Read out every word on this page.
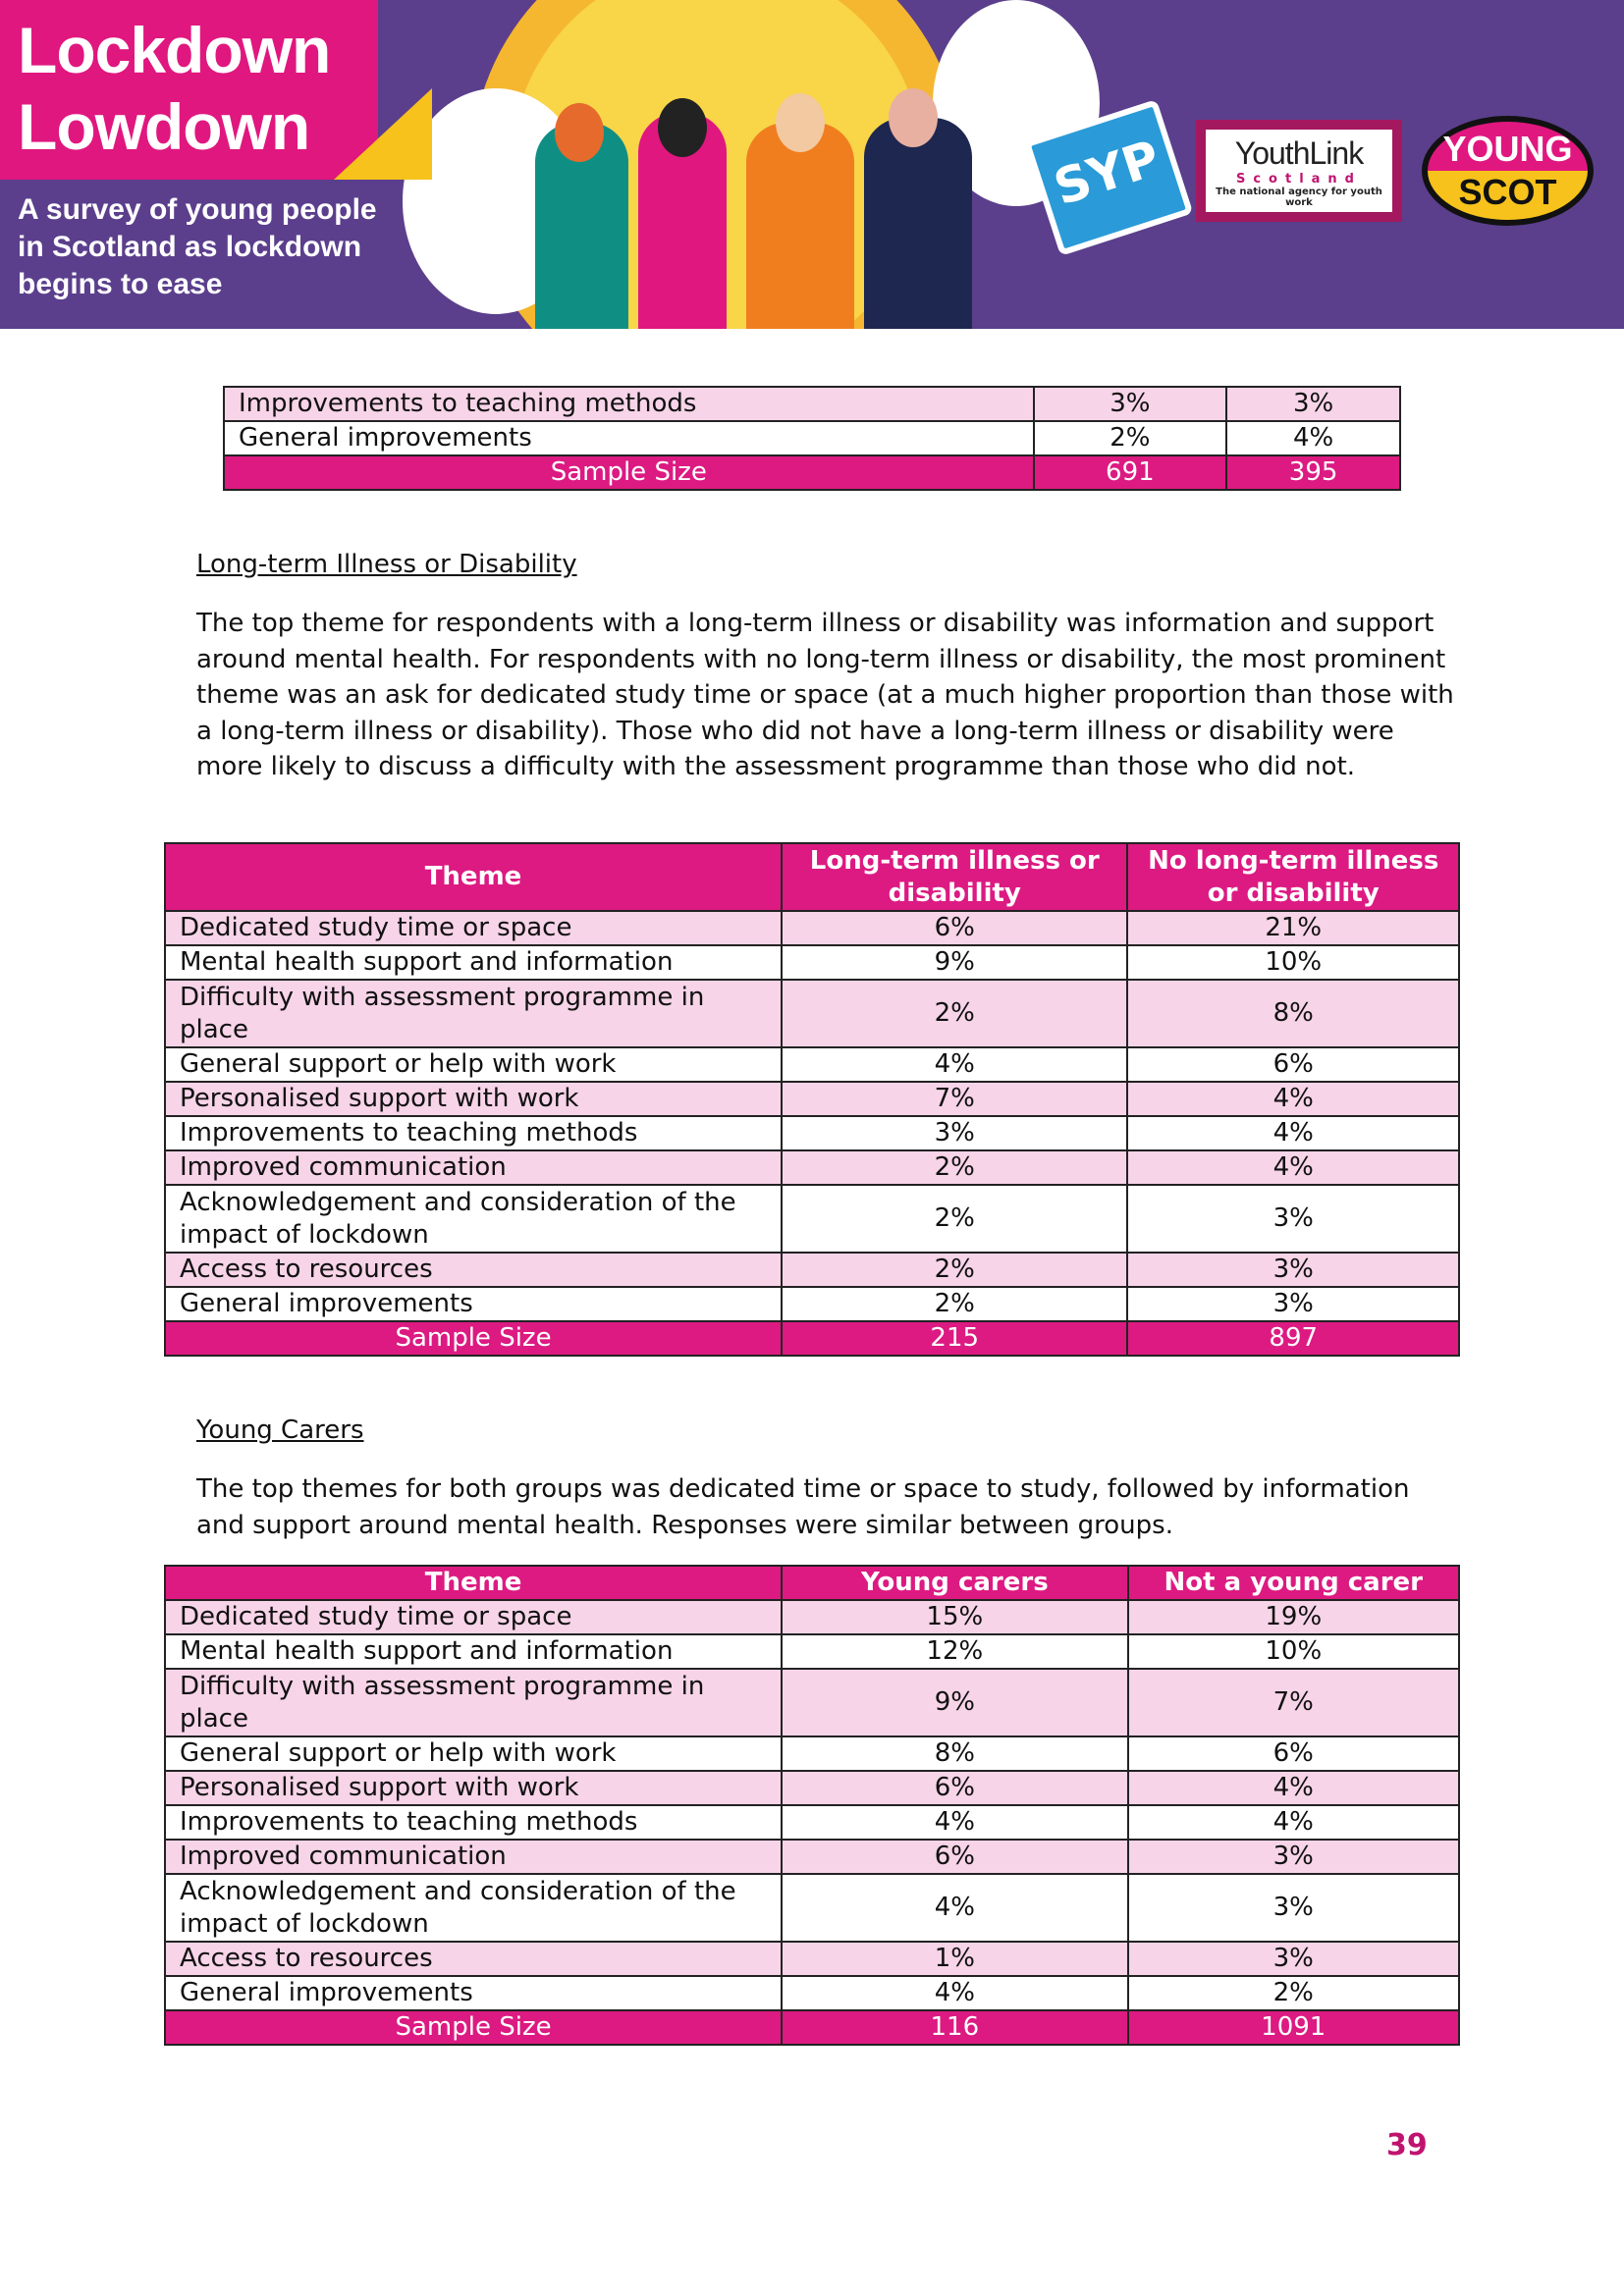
Lockdown
Lowdown
A survey of young people in Scotland as lockdown begins to ease
SYP	YouthLink
Scotland
The national agency for youth work
YOUNG
SCOT
Improvements to teaching methods	3%	3%
General improvements	2%	4%
Sample Size	691	395
Long-term Illness or Disability
The top theme for respondents with a long-term illness or disability was information and support around mental health. For respondents with no long-term illness or disability, the most prominent theme was an ask for dedicated study time or space (at a much higher proportion than those with a long-term illness or disability). Those who did not have a long-term illness or disability were more likely to discuss a difficulty with the assessment programme than those who did not.
Theme	Long-term illness or disability	No long-term illness or disability
Dedicated study time or space	6%	21%
Mental health support and information	9%	10%
Difficulty with assessment programme in place	2%	8%
General support or help with work	4%	6%
Personalised support with work	7%	4%
Improvements to teaching methods	3%	4%
Improved communication	2%	4%
Acknowledgement and consideration of the impact of lockdown	2%	3%
Access to resources	2%	3%
General improvements	2%	3%
Sample Size	215	897
Young Carers
The top themes for both groups was dedicated time or space to study, followed by information and support around mental health. Responses were similar between groups.
Theme	Young carers	Not a young carer
Dedicated study time or space	15%	19%
Mental health support and information	12%	10%
Difficulty with assessment programme in place	9%	7%
General support or help with work	8%	6%
Personalised support with work	6%	4%
Improvements to teaching methods	4%	4%
Improved communication	6%	3%
Acknowledgement and consideration of the impact of lockdown	4%	3%
Access to resources	1%	3%
General improvements	4%	2%
Sample Size	116	1091
39
